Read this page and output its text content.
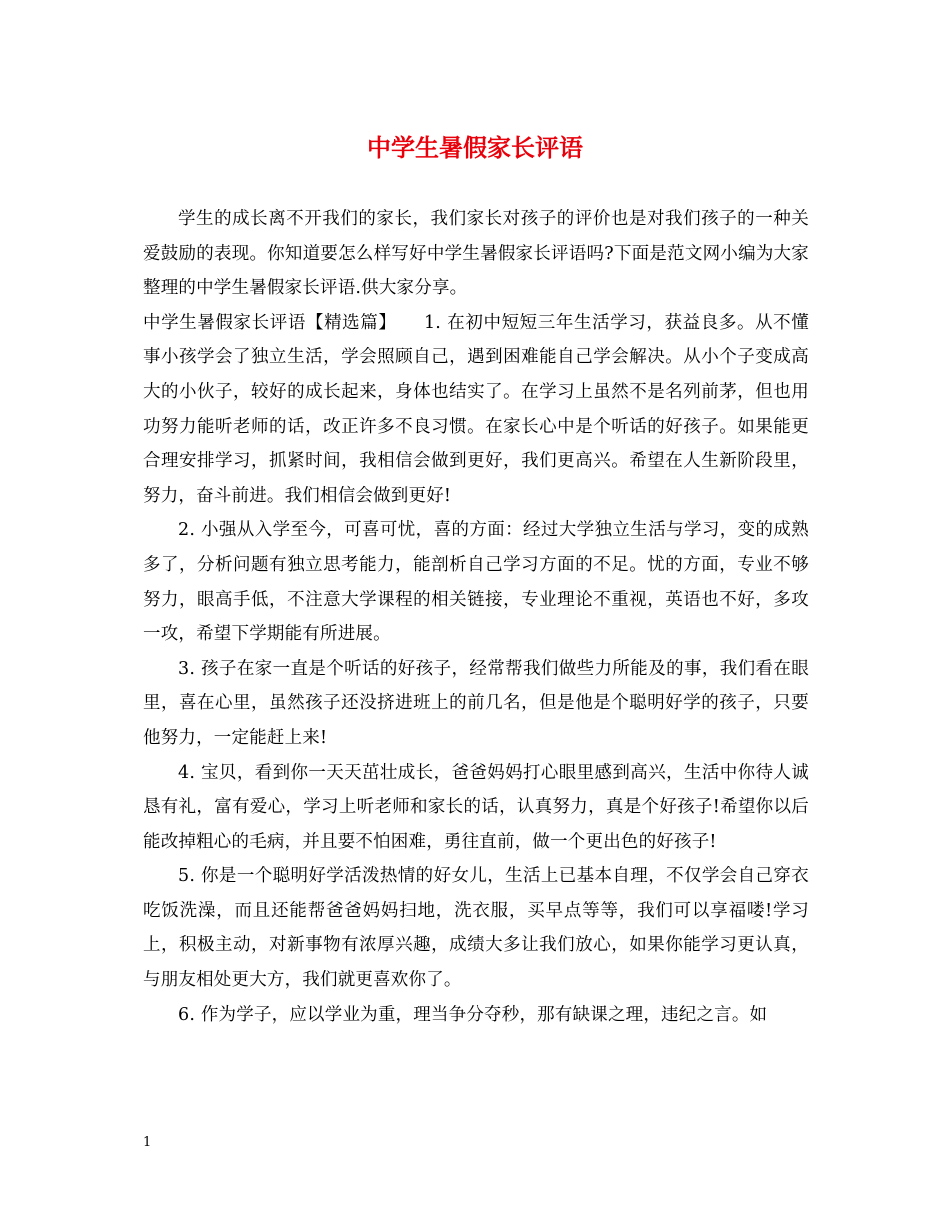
中学生暑假家长评语

学生的成长离不开我们的家长，我们家长对孩子的评价也是对我们孩子的一种关爱鼓励的表现。你知道要怎么样写好中学生暑假家长评语吗?下面是范文网小编为大家整理的中学生暑假家长评语.供大家分享。

中学生暑假家长评语【精选篇】　　1. 在初中短短三年生活学习，获益良多。从不懂事小孩学会了独立生活，学会照顾自己，遇到困难能自己学会解决。从小个子变成高大的小伙子，较好的成长起来，身体也结实了。在学习上虽然不是名列前茅，但也用功努力能听老师的话，改正许多不良习惯。在家长心中是个听话的好孩子。如果能更合理安排学习，抓紧时间，我相信会做到更好，我们更高兴。希望在人生新阶段里，努力，奋斗前进。我们相信会做到更好!

2. 小强从入学至今，可喜可忧，喜的方面：经过大学独立生活与学习，变的成熟多了，分析问题有独立思考能力，能剖析自己学习方面的不足。忧的方面，专业不够努力，眼高手低，不注意大学课程的相关链接，专业理论不重视，英语也不好，多攻一攻，希望下学期能有所进展。

3. 孩子在家一直是个听话的好孩子，经常帮我们做些力所能及的事，我们看在眼里，喜在心里，虽然孩子还没挤进班上的前几名，但是他是个聪明好学的孩子，只要他努力，一定能赶上来!

4. 宝贝，看到你一天天茁壮成长，爸爸妈妈打心眼里感到高兴，生活中你待人诚恳有礼，富有爱心，学习上听老师和家长的话，认真努力，真是个好孩子!希望你以后能改掉粗心的毛病，并且要不怕困难，勇往直前，做一个更出色的好孩子!

5. 你是一个聪明好学活泼热情的好女儿，生活上已基本自理，不仅学会自己穿衣吃饭洗澡，而且还能帮爸爸妈妈扫地，洗衣服，买早点等等，我们可以享福喽!学习上，积极主动，对新事物有浓厚兴趣，成绩大多让我们放心，如果你能学习更认真，与朋友相处更大方，我们就更喜欢你了。

6. 作为学子，应以学业为重，理当争分夺秒，那有缺课之理，违纪之言。如

1
